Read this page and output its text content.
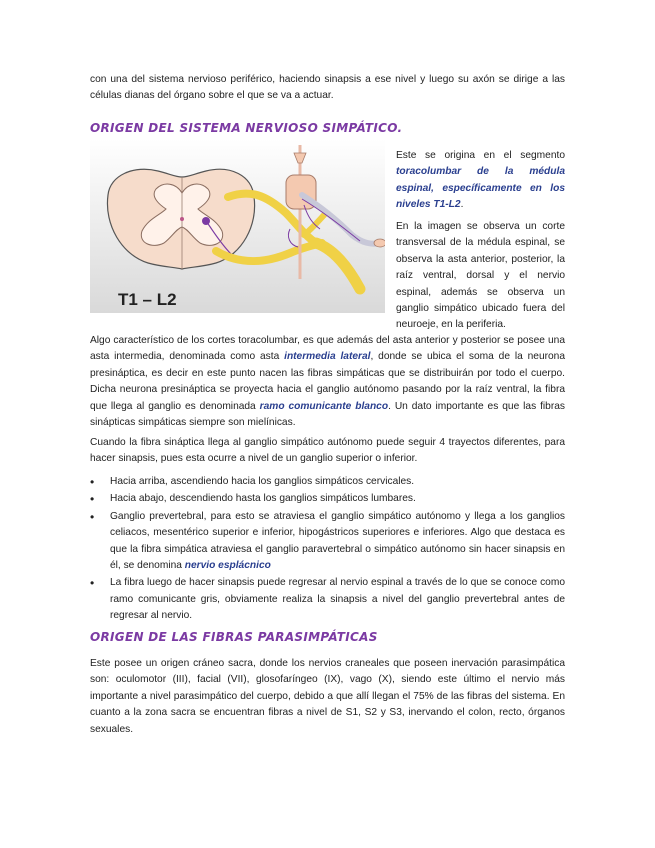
con una del sistema nervioso periférico, haciendo sinapsis a ese nivel y luego su axón se dirige a las células dianas del órgano sobre el que se va a actuar.

ORIGEN DEL SISTEMA NERVIOSO SIMPÁTICO.
T1 – L2

Este se origina en el segmento toracolumbar de la médula espinal, específicamente en los niveles T1-L2.

En la imagen se observa un corte transversal de la médula espinal, se observa la asta anterior, posterior, la raíz ventral, dorsal y el nervio espinal, además se observa un ganglio simpático ubicado fuera del neuroeje, en la periferia.

Algo característico de los cortes toracolumbar, es que además del asta anterior y posterior se posee una asta intermedia, denominada como asta intermedia lateral, donde se ubica el soma de la neurona presináptica, es decir en este punto nacen las fibras simpáticas que se distribuirán por todo el cuerpo. Dicha neurona presináptica se proyecta hacia el ganglio autónomo pasando por la raíz ventral, la fibra que llega al ganglio es denominada ramo comunicante blanco. Un dato importante es que las fibras sinápticas simpáticas siempre son mielínicas.

Cuando la fibra sináptica llega al ganglio simpático autónomo puede seguir 4 trayectos diferentes, para hacer sinapsis, pues esta ocurre a nivel de un ganglio superior o inferior.

• Hacia arriba, ascendiendo hacia los ganglios simpáticos cervicales.
• Hacia abajo, descendiendo hasta los ganglios simpáticos lumbares.
• Ganglio prevertebral, para esto se atraviesa el ganglio simpático autónomo y llega a los ganglios celiacos, mesentérico superior e inferior, hipogástricos superiores e inferiores. Algo que destaca es que la fibra simpática atraviesa el ganglio paravertebral o simpático autónomo sin hacer sinapsis en él, se denomina nervio esplácnico
• La fibra luego de hacer sinapsis puede regresar al nervio espinal a través de lo que se conoce como ramo comunicante gris, obviamente realiza la sinapsis a nivel del ganglio prevertebral antes de regresar al nervio.
ORIGEN DE LAS FIBRAS PARASIMPÁTICAS

Este posee un origen cráneo sacra, donde los nervios craneales que poseen inervación parasimpática son: oculomotor (III), facial (VII), glosofaríngeo (IX), vago (X), siendo este último el nervio más importante a nivel parasimpático del cuerpo, debido a que allí llegan el 75% de las fibras del sistema. En cuanto a la zona sacra se encuentran fibras a nivel de S1, S2 y S3, inervando el colon, recto, órganos sexuales.
